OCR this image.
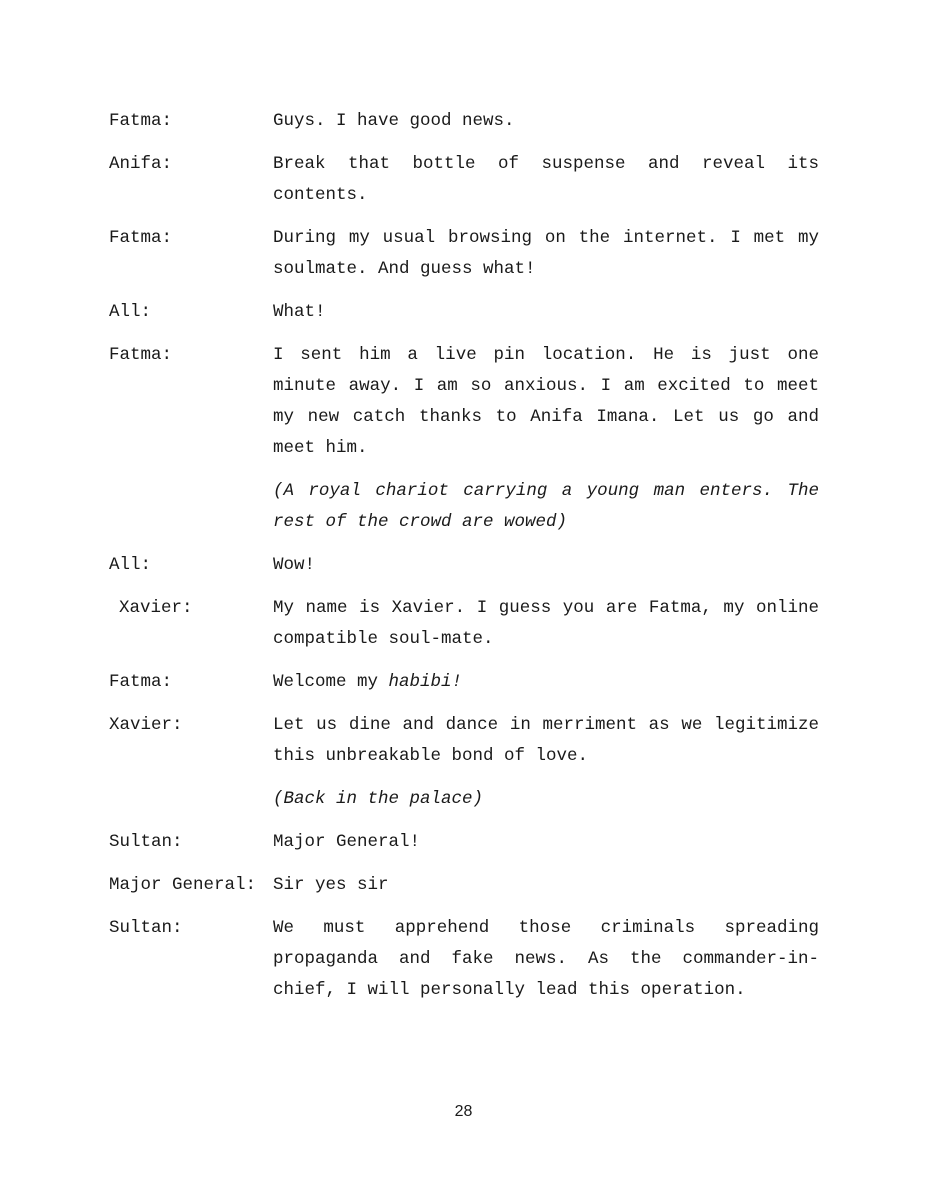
Fatma:	Guys. I have good news.
Anifa:	Break that bottle of suspense and reveal its contents.
Fatma:	During my usual browsing on the internet. I met my soulmate. And guess what!
All:	What!
Fatma:	I sent him a live pin location. He is just one minute away. I am so anxious. I am excited to meet my new catch thanks to Anifa Imana. Let us go and meet him.
(A royal chariot carrying a young man enters. The rest of the crowd are wowed)
All:	Wow!
Xavier:	My name is Xavier. I guess you are Fatma, my online compatible soul-mate.
Fatma:	Welcome my habibi!
Xavier:	Let us dine and dance in merriment as we legitimize this unbreakable bond of love.
(Back in the palace)
Sultan:	Major General!
Major General: Sir yes sir
Sultan:	We must apprehend those criminals spreading propaganda and fake news. As the commander-in-chief, I will personally lead this operation.
28
